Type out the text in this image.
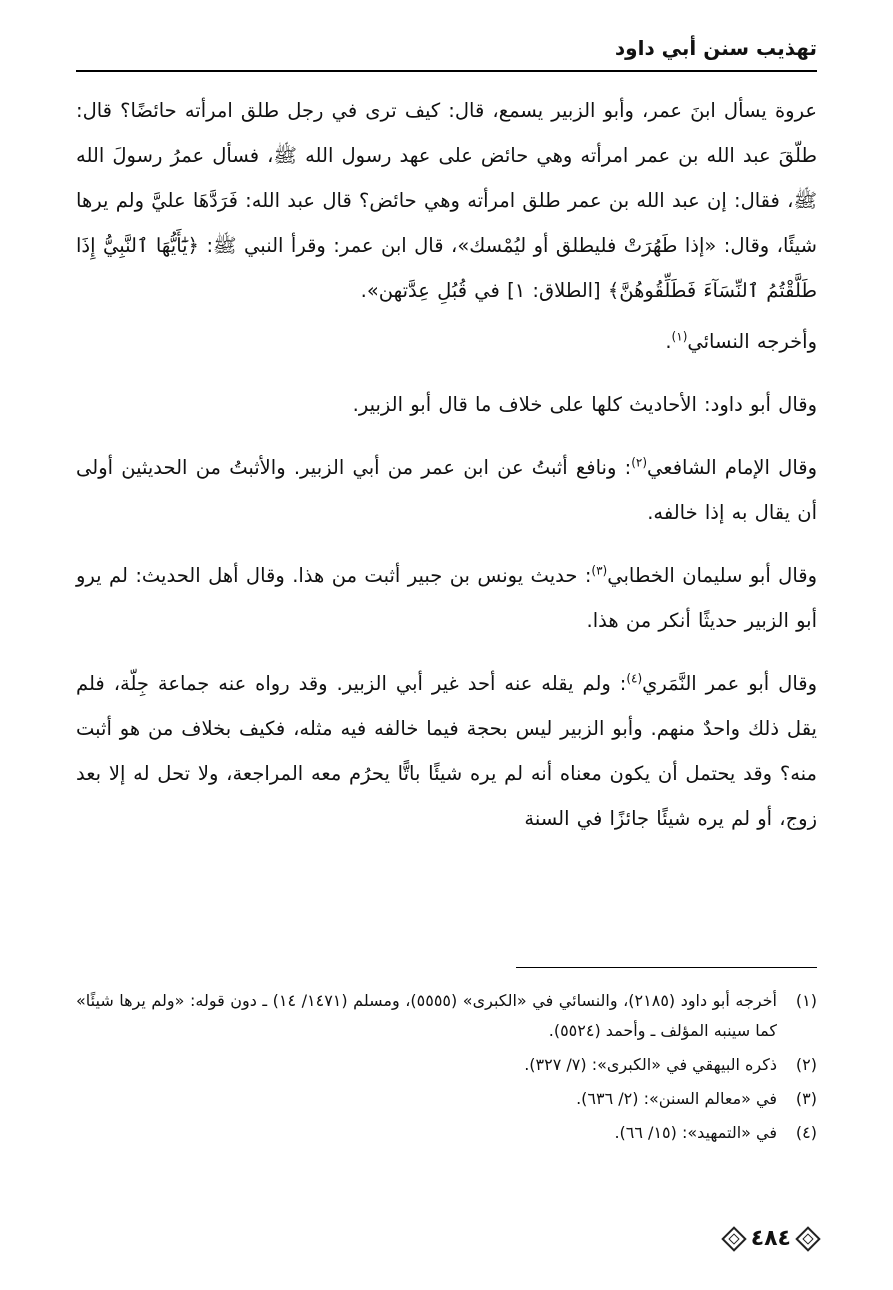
تهذيب سنن أبي داود

عروة يسأل ابنَ عمر، وأبو الزبير يسمع، قال: كيف ترى في رجل طلق امرأته حائضًا؟ قال: طلّقَ عبد الله بن عمر امرأته وهي حائض على عهد رسول الله ﷺ، فسأل عمرُ رسولَ الله ﷺ، فقال: إن عبد الله بن عمر طلق امرأته وهي حائض؟ قال عبد الله: فَرَدَّهَا عليَّ ولم يرها شيئًا، وقال: «إذا طَهُرَتْ فليطلق أو ليُمْسك»، قال ابن عمر: وقرأ النبي ﷺ: ﴿يَٰٓأَيُّهَا ٱلنَّبِيُّ إِذَا طَلَّقْتُمُ ٱلنِّسَآءَ فَطَلِّقُوهُنَّ﴾ [الطلاق: ١] في قُبُلِ عِدَّتهن».

وأخرجه النسائي$^{(١)}$.

وقال أبو داود: الأحاديث كلها على خلاف ما قال أبو الزبير.

وقال الإمام الشافعي$^{(٢)}$: ونافع أثبتُ عن ابن عمر من أبي الزبير. والأثبتُ من الحديثين أولى أن يقال به إذا خالفه.

وقال أبو سليمان الخطابي$^{(٣)}$: حديث يونس بن جبير أثبت من هذا. وقال أهل الحديث: لم يرو أبو الزبير حديثًا أنكر من هذا.

وقال أبو عمر النَّمَري$^{(٤)}$: ولم يقله عنه أحد غير أبي الزبير. وقد رواه عنه جماعة جِلّة، فلم يقل ذلك واحدٌ منهم. وأبو الزبير ليس بحجة فيما خالفه فيه مثله، فكيف بخلاف من هو أثبت منه؟ وقد يحتمل أن يكون معناه أنه لم يره شيئًا باتًّا يحرُم معه المراجعة، ولا تحل له إلا بعد زوج، أو لم يره شيئًا جائزًا في السنة

(١)
أخرجه أبو داود (٢١٨٥)، والنسائي في «الكبرى» (٥٥٥٥)، ومسلم (١٤٧١/ ١٤) ـ دون قوله: «ولم يرها شيئًا» كما سينبه المؤلف ـ وأحمد (٥٥٢٤).
(٢)
ذكره البيهقي في «الكبرى»: (٧/ ٣٢٧).
(٣)
في «معالم السنن»: (٢/ ٦٣٦).
(٤)
في «التمهيد»: (١٥/ ٦٦).
٤٨٤
